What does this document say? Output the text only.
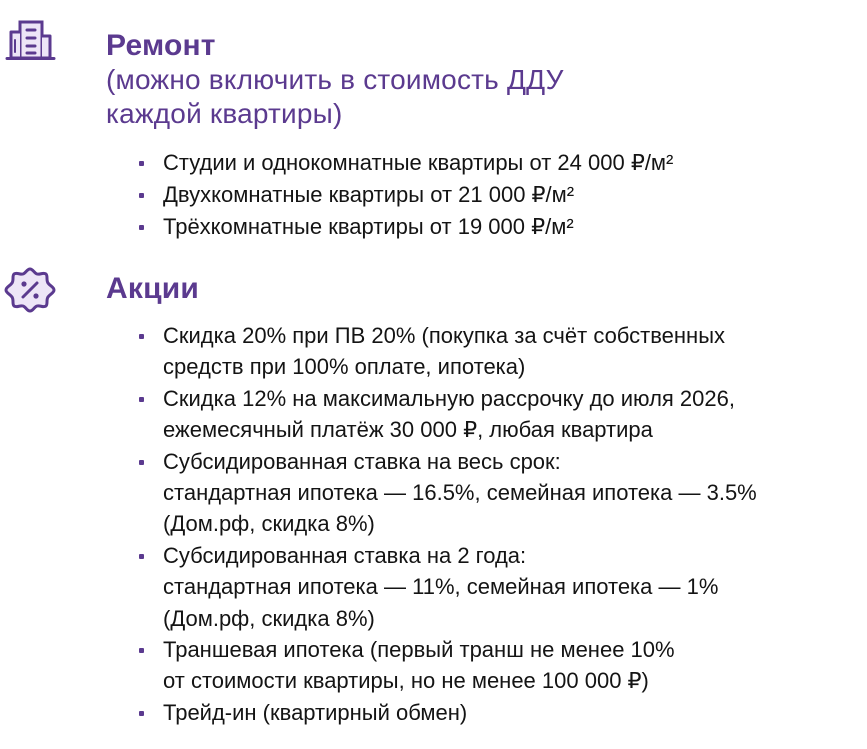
Ремонт
(можно включить в стоимость ДДУ
каждой квартиры)
Студии и однокомнатные квартиры от 24 000 ₽/м²
Двухкомнатные квартиры от 21 000 ₽/м²
Трёхкомнатные квартиры от 19 000 ₽/м²
Акции
Скидка 20% при ПВ 20% (покупка за счёт собственных
средств при 100% оплате, ипотека)
Скидка 12% на максимальную рассрочку до июля 2026,
ежемесячный платёж 30 000 ₽, любая квартира
Субсидированная ставка на весь срок:
стандартная ипотека — 16.5%, семейная ипотека — 3.5%
(Дом.рф, скидка 8%)
Субсидированная ставка на 2 года:
стандартная ипотека — 11%, семейная ипотека — 1%
(Дом.рф, скидка 8%)
Траншевая ипотека (первый транш не менее 10%
от стоимости квартиры, но не менее 100 000 ₽)
Трейд-ин (квартирный обмен)
